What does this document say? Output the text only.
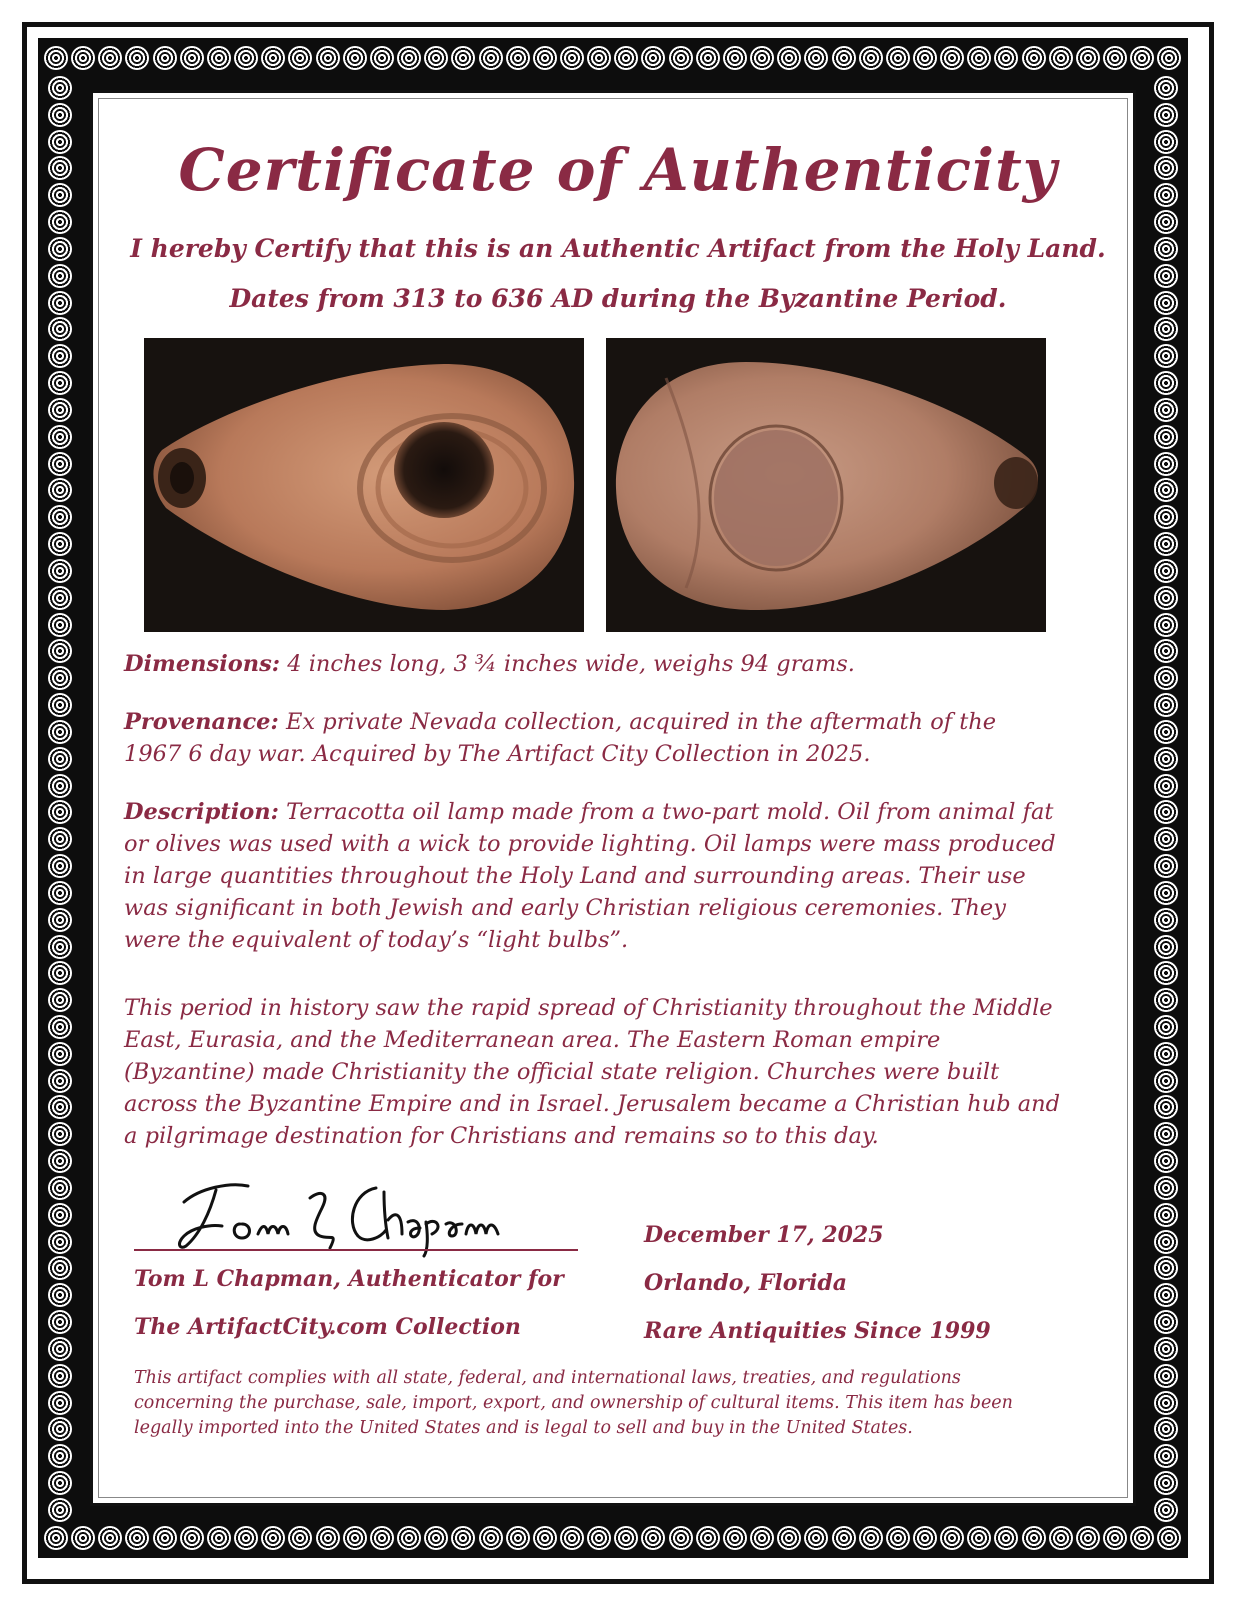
Certificate of Authenticity

I hereby Certify that this is an Authentic Artifact from the Holy Land.

Dates from 313 to 636 AD during the Byzantine Period.

Dimensions: 4 inches long, 3 ¾ inches wide, weighs 94 grams.

Provenance: Ex private Nevada collection, acquired in the aftermath of the 1967 6 day war. Acquired by The Artifact City Collection in 2025.

Description: Terracotta oil lamp made from a two-part mold. Oil from animal fat or olives was used with a wick to provide lighting. Oil lamps were mass produced in large quantities throughout the Holy Land and surrounding areas. Their use was significant in both Jewish and early Christian religious ceremonies. They were the equivalent of today’s “light bulbs”.

This period in history saw the rapid spread of Christianity throughout the Middle East, Eurasia, and the Mediterranean area. The Eastern Roman empire (Byzantine) made Christianity the official state religion. Churches were built across the Byzantine Empire and in Israel. Jerusalem became a Christian hub and a pilgrimage destination for Christians and remains so to this day.

Tom L Chapman, Authenticator for

The ArtifactCity.com Collection

December 17, 2025

Orlando, Florida

Rare Antiquities Since 1999

This artifact complies with all state, federal, and international laws, treaties, and regulations concerning the purchase, sale, import, export, and ownership of cultural items. This item has been legally imported into the United States and is legal to sell and buy in the United States.
